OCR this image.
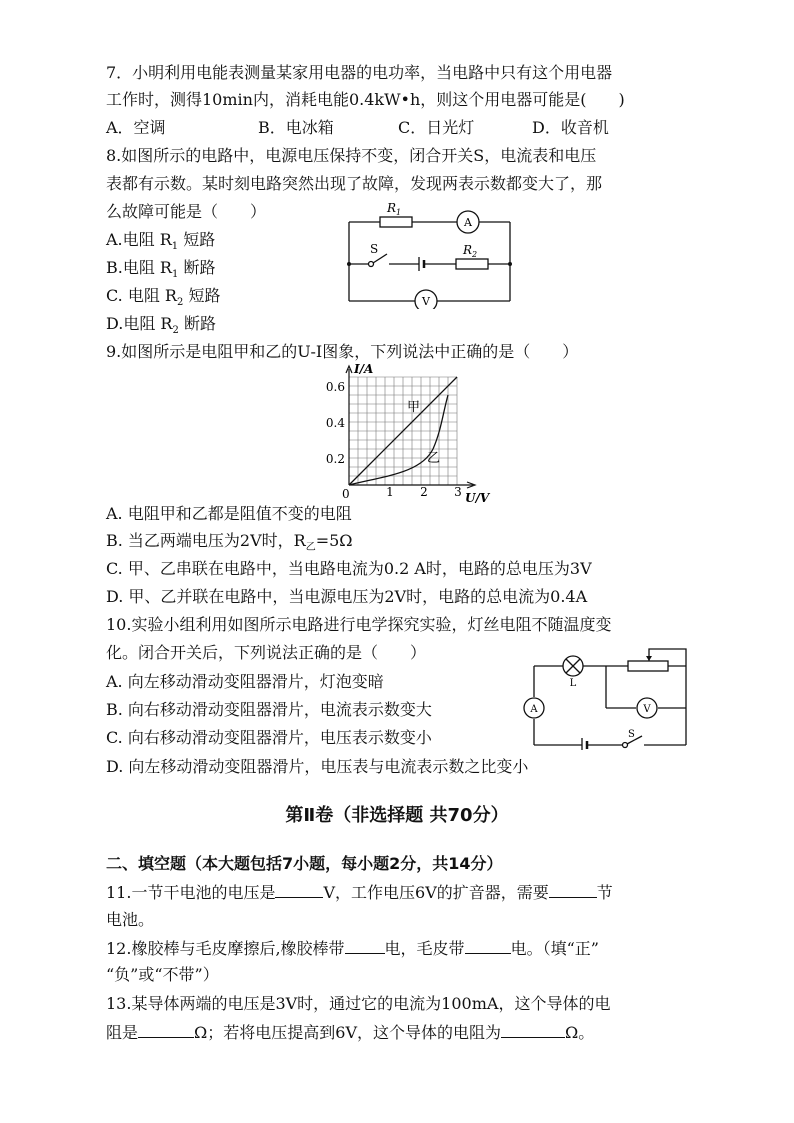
7．小明利用电能表测量某家用电器的电功率，当电路中只有这个用电器
工作时，测得10min内，消耗电能0.4kW•h，则这个用电器可能是(　　)
A．空调	B．电冰箱	C．日光灯	D．收音机
8.如图所示的电路中，电源电压保持不变，闭合开关S，电流表和电压
表都有示数。某时刻电路突然出现了故障，发现两表示数都变大了，那
么故障可能是（　　）
A.电阻 $R_1$ 短路
B.电阻 $R_1$ 断路
C. 电阻 $R_2$ 短路
D.电阻 $R_2$ 断路
$R_1$
$R_2$
S
A
V
9.如图所示是电阻甲和乙的U-I图象，下列说法中正确的是（　　）
I/A
U/V
0.6
0.4
0.2
0	1 2 3
甲
乙
A. 电阻甲和乙都是阻值不变的电阻
B. 当乙两端电压为2V时，$R_乙=5\Omega$
C. 甲、乙串联在电路中，当电路电流为0.2 A时，电路的总电压为3V
D. 甲、乙并联在电路中，当电源电压为2V时，电路的总电流为0.4A
10.实验小组利用如图所示电路进行电学探究实验，灯丝电阻不随温度变
化。闭合开关后，下列说法正确的是（　　）
A. 向左移动滑动变阻器滑片，灯泡变暗
B. 向右移动滑动变阻器滑片，电流表示数变大
C. 向右移动滑动变阻器滑片，电压表示数变小
D. 向左移动滑动变阻器滑片，电压表与电流表示数之比变小
L
A	V
S
第Ⅱ卷（非选择题 共70分）
二、填空题（本大题包括7小题，每小题2分，共14分）
11.一节干电池的电压是	V，工作电压6V的扩音器，需要	节
电池。
12.橡胶棒与毛皮摩擦后,橡胶棒带	电，毛皮带	电。（填“正”
“负”或“不带”）
13.某导体两端的电压是3V时，通过它的电流为100mA，这个导体的电
阻是	Ω；若将电压提高到6V，这个导体的电阻为	Ω。
